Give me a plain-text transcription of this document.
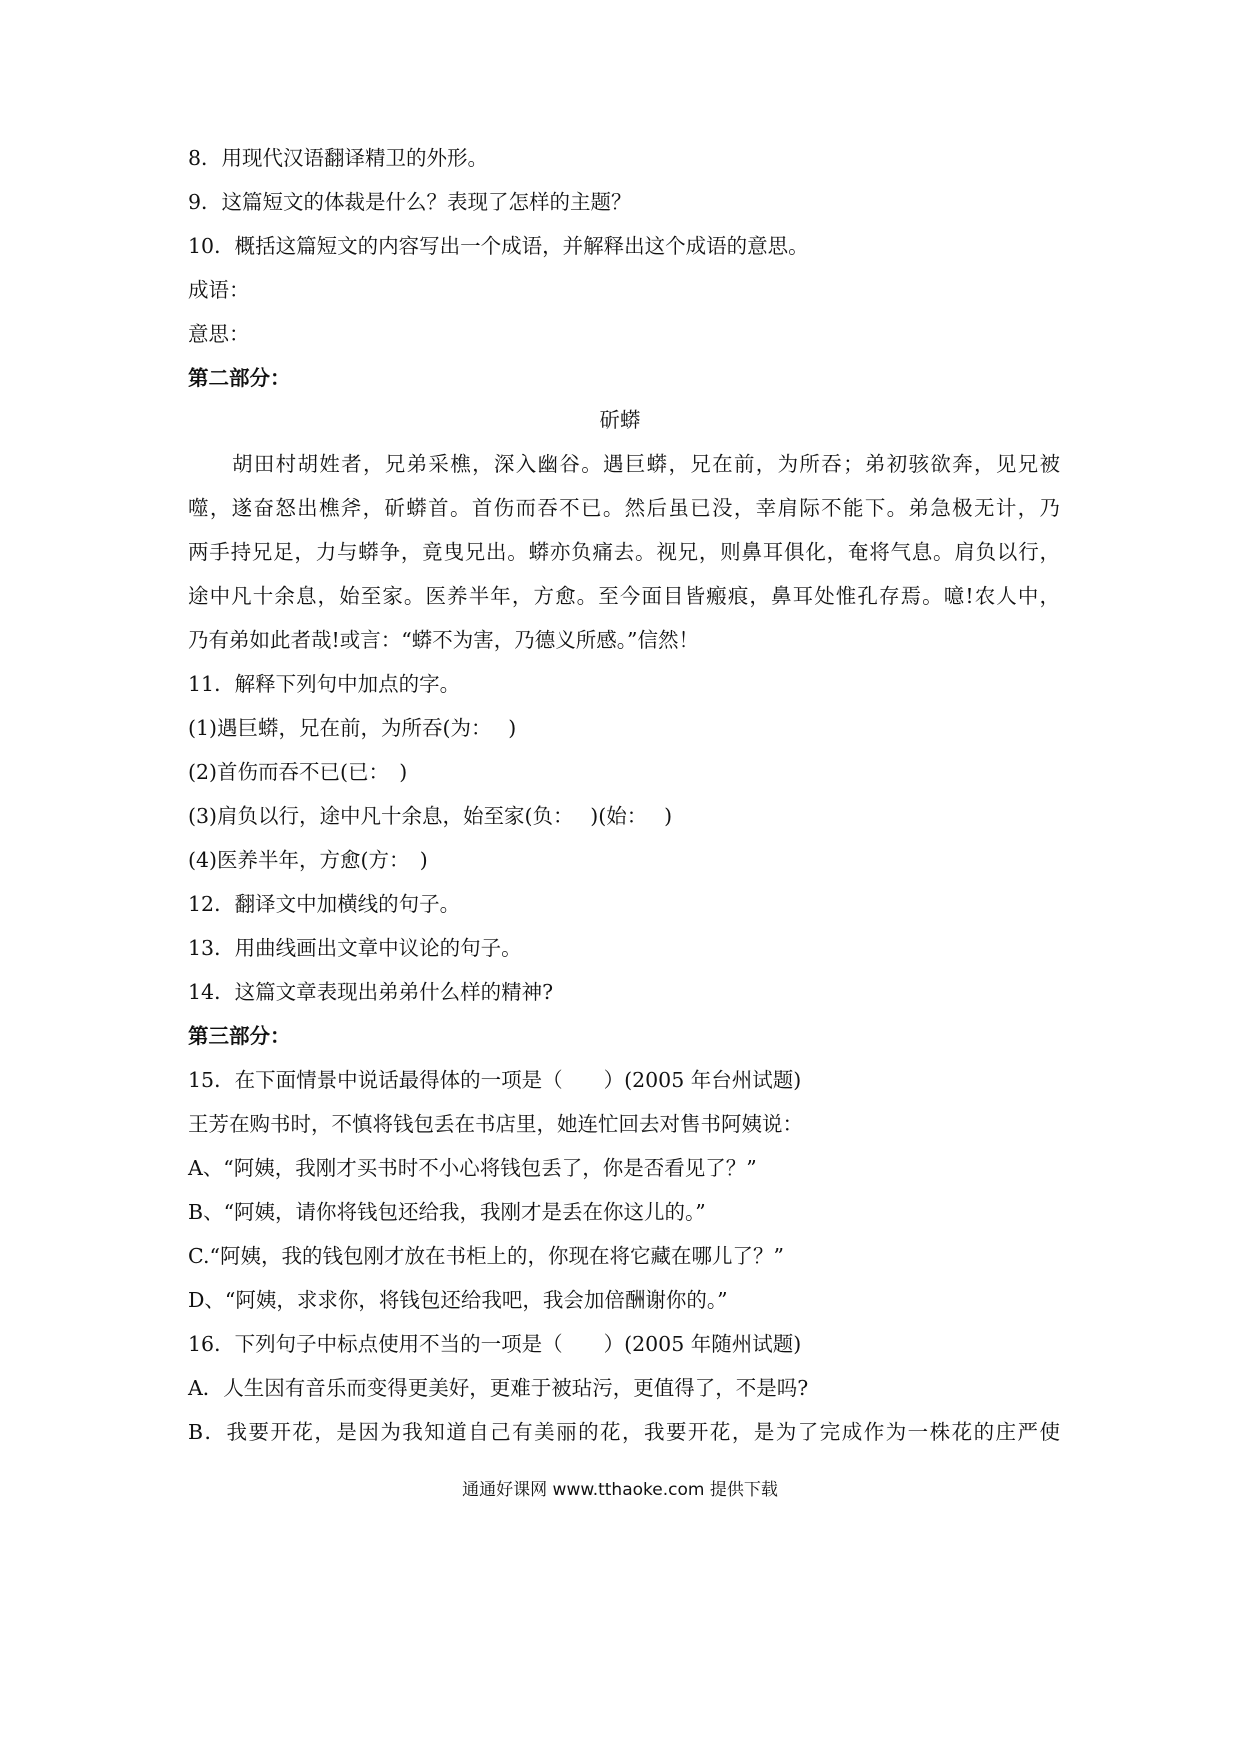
8．用现代汉语翻译精卫的外形。
9．这篇短文的体裁是什么？表现了怎样的主题？
10．概括这篇短文的内容写出一个成语，并解释出这个成语的意思。
成语：
意思：
第二部分：
斫蟒
胡田村胡姓者，兄弟采樵，深入幽谷。遇巨蟒，兄在前，为所吞；弟初骇欲奔，见兄被
噬，遂奋怒出樵斧，斫蟒首。首伤而吞不已。然后虽已没，幸肩际不能下。弟急极无计，乃
两手持兄足，力与蟒争，竟曳兄出。蟒亦负痛去。视兄，则鼻耳俱化，奄将气息。肩负以行，
途中凡十余息，始至家。医养半年，方愈。至今面目皆瘢痕，鼻耳处惟孔存焉。噫!农人中，
乃有弟如此者哉!或言：“蟒不为害，乃德义所感。”信然！
11．解释下列句中加点的字。
(1)遇巨蟒，兄在前，为所吞(为：　 )
(2)首伤而吞不已(已：　)
(3)肩负以行，途中凡十余息，始至家(负：　 )(始：　 )
(4)医养半年，方愈(方：　)
12．翻译文中加横线的句子。
13．用曲线画出文章中议论的句子。
14．这篇文章表现出弟弟什么样的精神?
第三部分：
15．在下面情景中说话最得体的一项是（　　）(2005 年台州试题)
王芳在购书时，不慎将钱包丢在书店里，她连忙回去对售书阿姨说：
A、“阿姨，我刚才买书时不小心将钱包丢了，你是否看见了？”
B、“阿姨，请你将钱包还给我，我刚才是丢在你这儿的。”
C.“阿姨，我的钱包刚才放在书柜上的，你现在将它藏在哪儿了？”
D、“阿姨，求求你，将钱包还给我吧，我会加倍酬谢你的。”
16．下列句子中标点使用不当的一项是（　　）(2005 年随州试题)
A．人生因有音乐而变得更美好，更难于被玷污，更值得了，不是吗?
B．我要开花，是因为我知道自己有美丽的花，我要开花，是为了完成作为一株花的庄严使
通通好课网 www.tthaoke.com 提供下载
